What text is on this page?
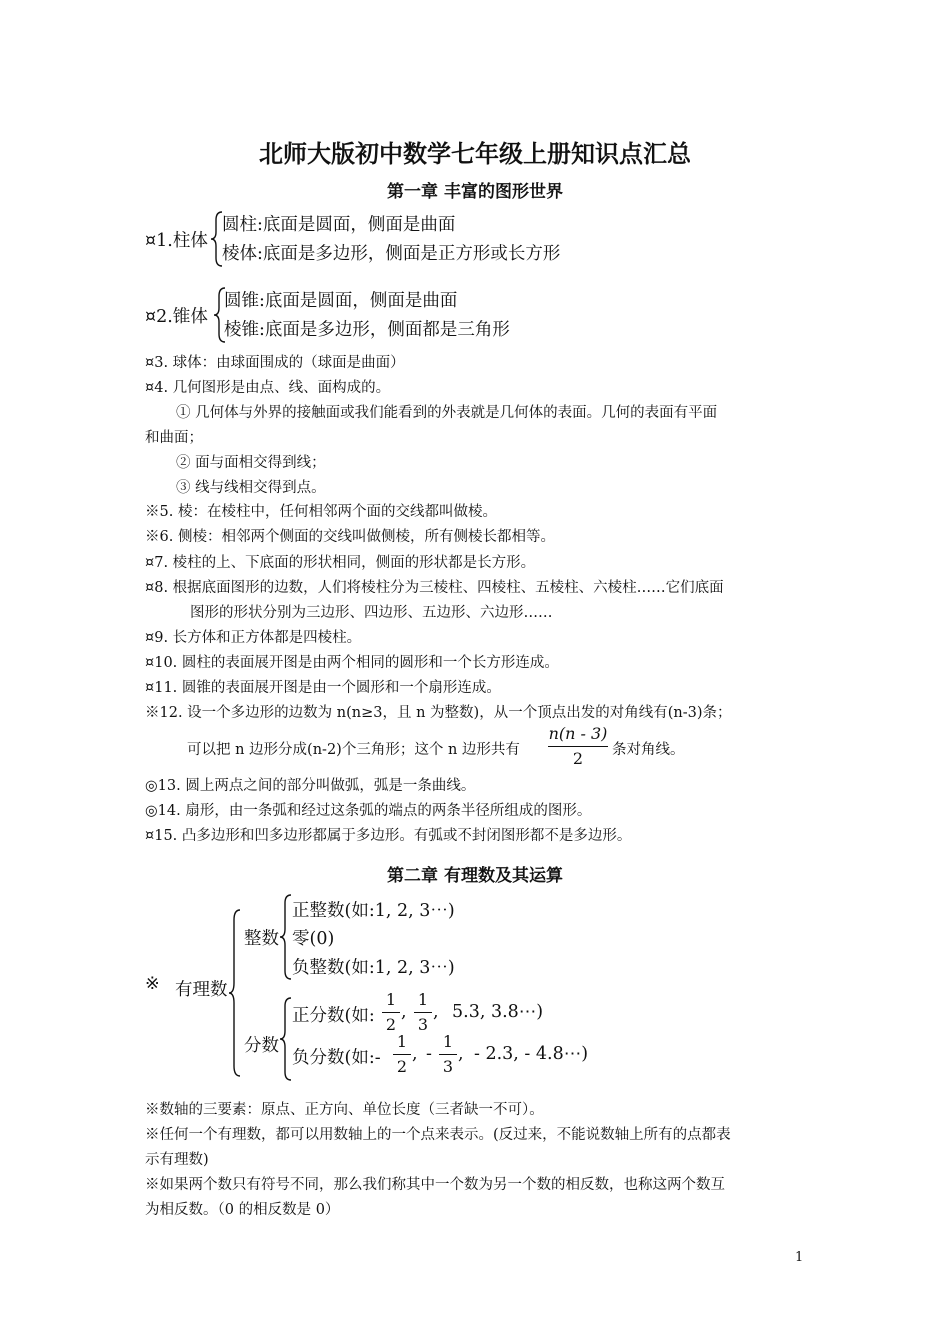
北师大版初中数学七年级上册知识点汇总
第一章 丰富的图形世界
¤1.柱体
圆柱:底面是圆面，侧面是曲面
棱体:底面是多边形，侧面是正方形或长方形
¤2.锥体
圆锥:底面是圆面，侧面是曲面
棱锥:底面是多边形，侧面都是三角形
¤3. 球体：由球面围成的（球面是曲面）
¤4. 几何图形是由点、线、面构成的。
① 几何体与外界的接触面或我们能看到的外表就是几何体的表面。几何的表面有平面
和曲面；
② 面与面相交得到线；
③ 线与线相交得到点。
※5. 棱：在棱柱中，任何相邻两个面的交线都叫做棱。
※6. 侧棱：相邻两个侧面的交线叫做侧棱，所有侧棱长都相等。
¤7. 棱柱的上、下底面的形状相同，侧面的形状都是长方形。
¤8. 根据底面图形的边数，人们将棱柱分为三棱柱、四棱柱、五棱柱、六棱柱……它们底面
图形的形状分别为三边形、四边形、五边形、六边形……
¤9. 长方体和正方体都是四棱柱。
¤10. 圆柱的表面展开图是由两个相同的圆形和一个长方形连成。
¤11. 圆锥的表面展开图是由一个圆形和一个扇形连成。
※12. 设一个多边形的边数为 n(n≥3，且 n 为整数)，从一个顶点出发的对角线有(n-3)条；
可以把 n 边形分成(n-2)个三角形；这个 n 边形共有
n(n - 3)
2	条对角线。
◎13. 圆上两点之间的部分叫做弧，弧是一条曲线。
◎14. 扇形，由一条弧和经过这条弧的端点的两条半径所组成的图形。
¤15. 凸多边形和凹多边形都属于多边形。有弧或不封闭图形都不是多边形。
第二章 有理数及其运算
※ 有理数
整数
正整数(如:1, 2, 3⋯)
零(0)
负整数(如:1, 2, 3⋯)
分数
正分数(如:
1
2
,
1
3
, 5.3, 3.8⋯)
负分数(如:-
1
2
, -
1
3
, - 2.3, - 4.8⋯)
※数轴的三要素：原点、正方向、单位长度（三者缺一不可）。
※任何一个有理数，都可以用数轴上的一个点来表示。(反过来，不能说数轴上所有的点都表
示有理数)
※如果两个数只有符号不同，那么我们称其中一个数为另一个数的相反数，也称这两个数互
为相反数。（0 的相反数是 0）
1
